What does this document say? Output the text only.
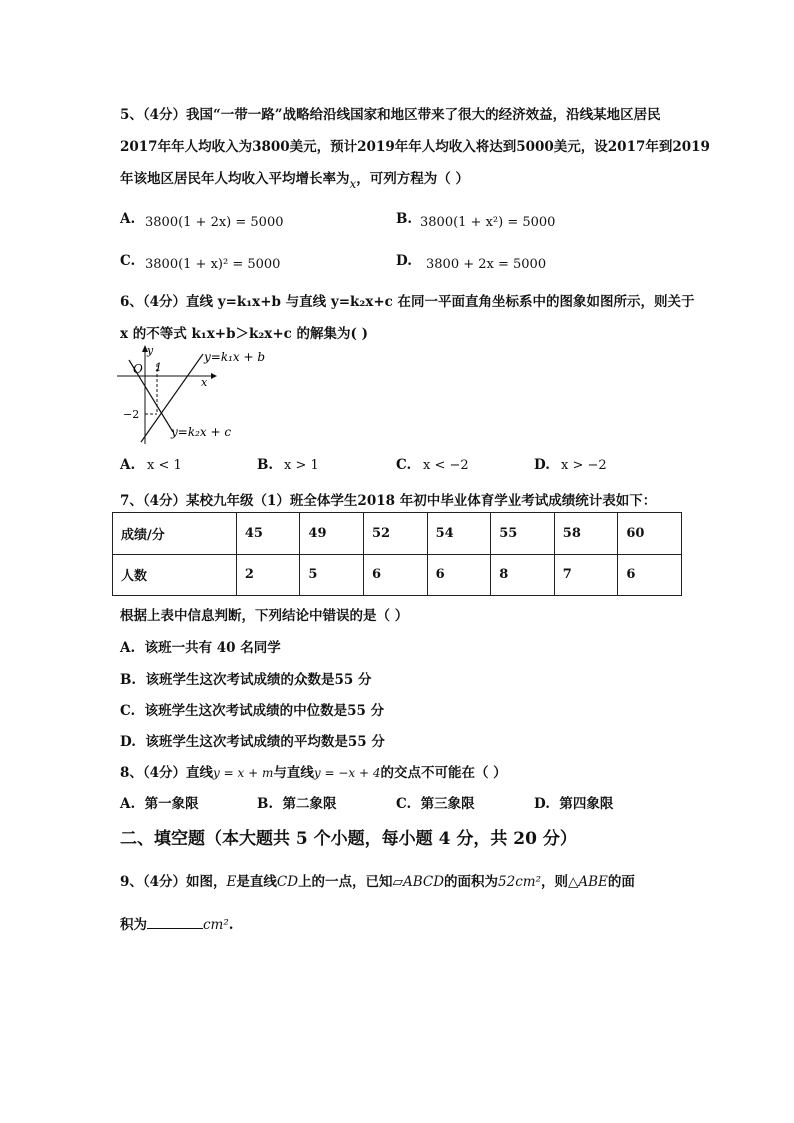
5、（4分）我国“一带一路”战略给沿线国家和地区带来了很大的经济效益，沿线某地区居民
2017年年人均收入为3800美元，预计2019年年人均收入将达到5000美元，设2017年到2019
年该地区居民年人均收入平均增长率为x，可列方程为（ ）
A. 3800(1 + 2x) = 5000	B. 3800(1 + x²) = 5000
C. 3800(1 + x)² = 5000	D. 3800 + 2x = 5000
6、（4分）直线 y=k₁x+b 与直线 y=k₂x+c 在同一平面直角坐标系中的图象如图所示，则关于
x 的不等式 k₁x+b＞k₂x+c 的解集为( )
y
x
O 1
−2
y=k₁x + b
y=k₂x + c
A. x < 1	B. x > 1	C. x < −2	D. x > −2
7、（4分）某校九年级（1）班全体学生2018 年初中毕业体育学业考试成绩统计表如下：
成绩/分	45	49	52	54	55	58	60
人数	2	5	6	6	8	7	6
根据上表中信息判断，下列结论中错误的是（ ）
A. 该班一共有 40 名同学
B. 该班学生这次考试成绩的众数是55 分
C. 该班学生这次考试成绩的中位数是55 分
D. 该班学生这次考试成绩的平均数是55 分
8、（4分）直线y = x + m与直线y = −x + 4的交点不可能在（ ）
A. 第一象限	B. 第二象限	C. 第三象限	D. 第四象限
二、填空题（本大题共 5 个小题，每小题 4 分，共 20 分）
9、（4分）如图，E是直线CD上的一点，已知▱ABCD的面积为52cm²，则△ABE的面
积为	cm².
